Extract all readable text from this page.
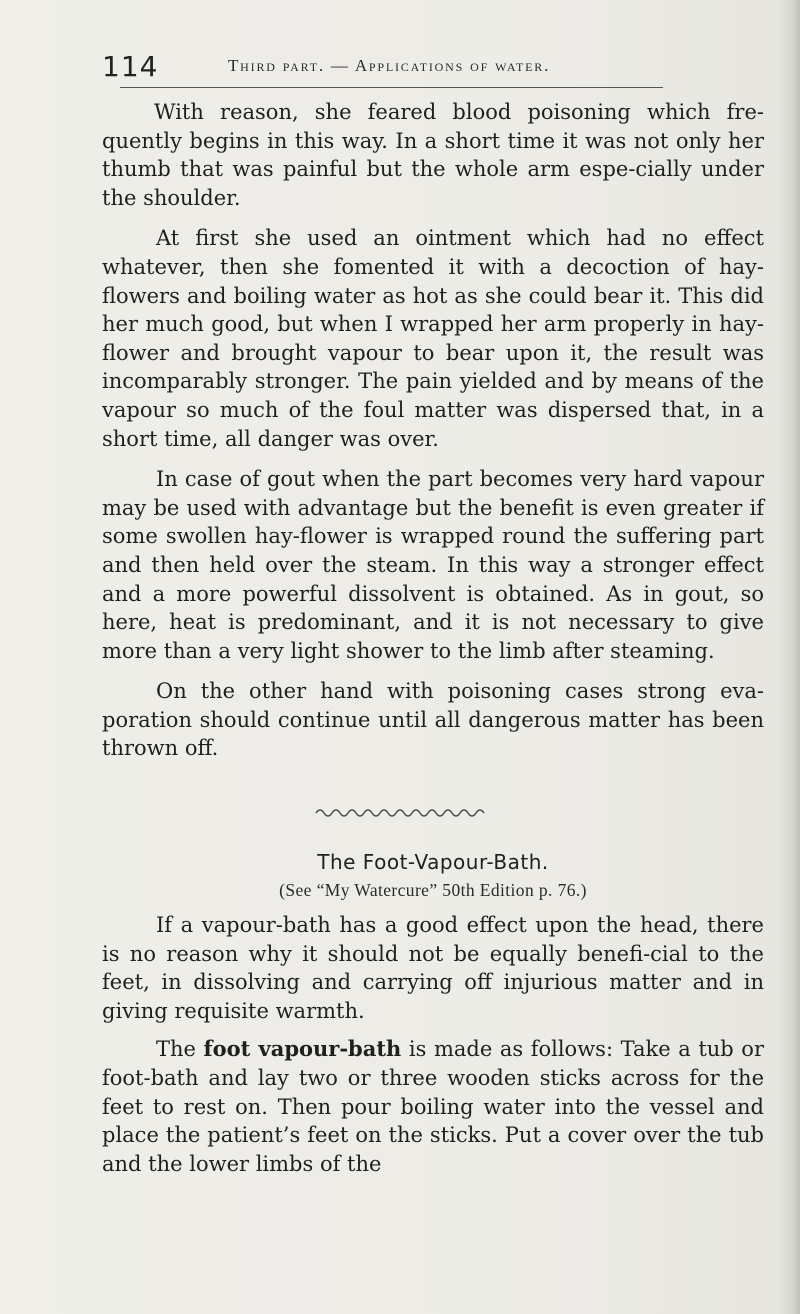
114	Third part. — Applications of water.

With reason, she feared blood poisoning which fre-quently begins in this way. In a short time it was not only her thumb that was painful but the whole arm espe-cially under the shoulder.

At first she used an ointment which had no effect whatever, then she fomented it with a decoction of hay-flowers and boiling water as hot as she could bear it. This did her much good, but when I wrapped her arm properly in hay-flower and brought vapour to bear upon it, the result was incomparably stronger. The pain yielded and by means of the vapour so much of the foul matter was dispersed that, in a short time, all danger was over.

In case of gout when the part becomes very hard vapour may be used with advantage but the benefit is even greater if some swollen hay-flower is wrapped round the suffering part and then held over the steam. In this way a stronger effect and a more powerful dissolvent is obtained. As in gout, so here, heat is predominant, and it is not necessary to give more than a very light shower to the limb after steaming.

On the other hand with poisoning cases strong eva-poration should continue until all dangerous matter has been thrown off.

The Foot-Vapour-Bath.
(See “My Watercure” 50th Edition p. 76.)

If a vapour-bath has a good effect upon the head, there is no reason why it should not be equally benefi-cial to the feet, in dissolving and carrying off injurious matter and in giving requisite warmth.

The foot vapour-bath is made as follows: Take a tub or foot-bath and lay two or three wooden sticks across for the feet to rest on. Then pour boiling water into the vessel and place the patient’s feet on the sticks. Put a cover over the tub and the lower limbs of the
